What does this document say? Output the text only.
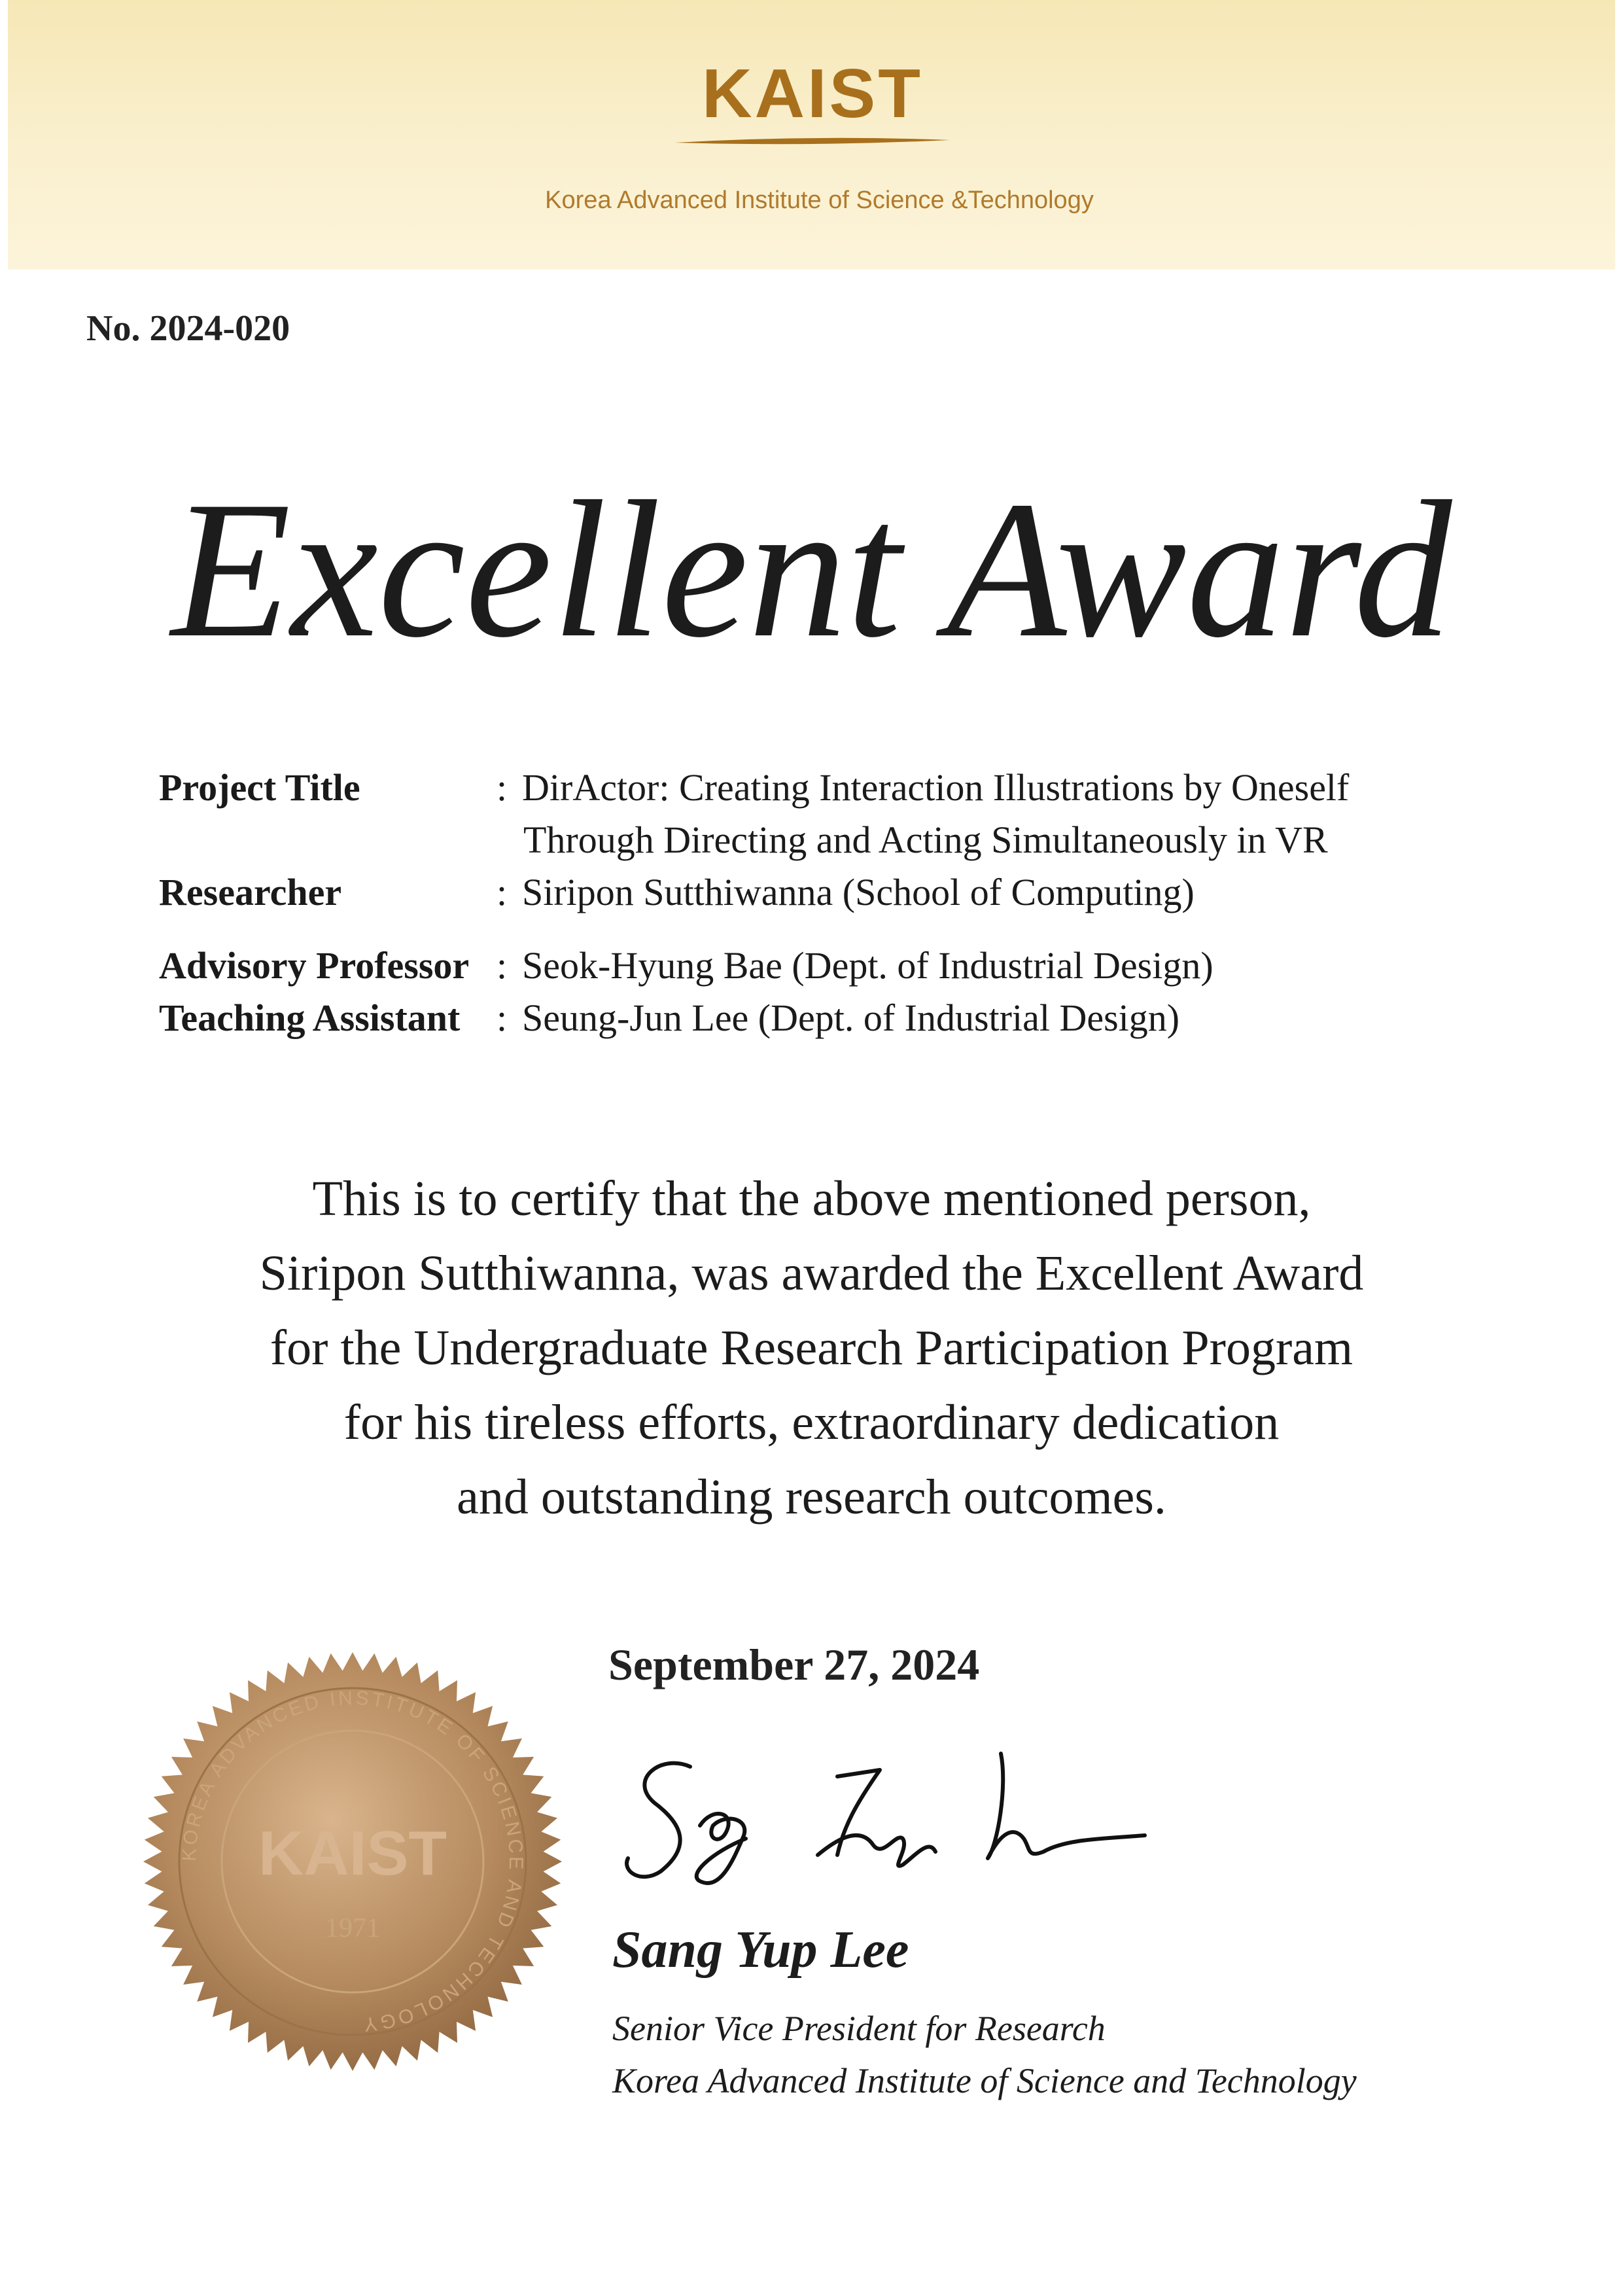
KAIST
Korea Advanced Institute of Science &Technology
No. 2024-020
Excellent Award
Project Title	: DirActor: Creating Interaction Illustrations by Oneself
Through Directing and Acting Simultaneously in VR
Researcher	: Siripon Sutthiwanna (School of Computing)
Advisory Professor : Seok-Hyung Bae (Dept. of Industrial Design)
Teaching Assistant : Seung-Jun Lee (Dept. of Industrial Design)
This is to certify that the above mentioned person,
Siripon Sutthiwanna, was awarded the Excellent Award
for the Undergraduate Research Participation Program
for his tireless efforts, extraordinary dedication
and outstanding research outcomes.
September 27, 2024
KOREA ADVANCED INSTITUTE OF SCIENCE AND TECHNOLOGY
KAIST
1971	Sang Yup Lee
Senior Vice President for Research
Korea Advanced Institute of Science and Technology
